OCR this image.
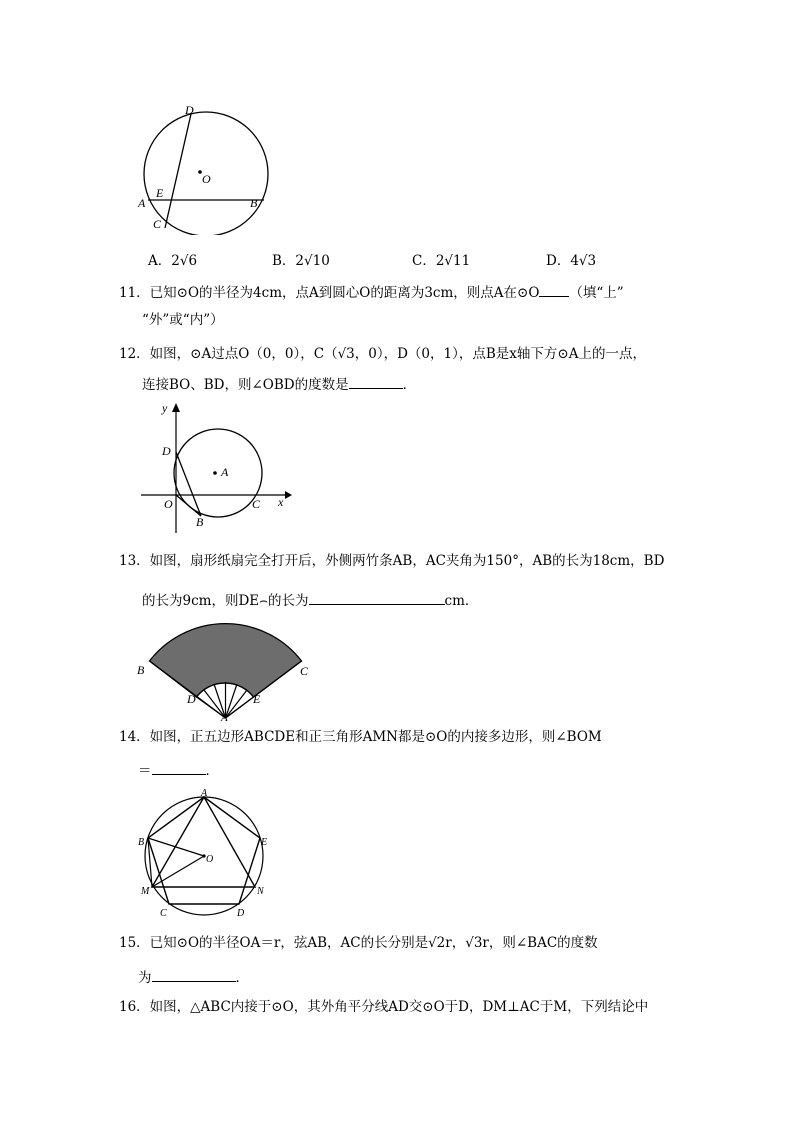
D
O
E
A	B
C
A．2√6	B．2√10	C．2√11	D．4√3
11．已知⊙O的半径为4cm，点A到圆心O的距离为3cm，则点A在⊙O （填“上”
“外”或“内”）
12．如图，⊙A过点O（0，0），C（√3，0），D（0，1），点B是x轴下方⊙A上的一点，
连接BO、BD，则∠OBD的度数是	．
y
x
D
A
O	C
B
13．如图，扇形纸扇完全打开后，外侧两竹条AB，AC夹角为150°，AB的长为18cm，BD
的长为9cm，则DE⌢的长为	cm．
B	C
D	E
A
14．如图，正五边形ABCDE和正三角形AMN都是⊙O的内接多边形，则∠BOM
＝	．
A
B	E
O
M	N
C	D
15．已知⊙O的半径OA＝r，弦AB，AC的长分别是√2r，√3r，则∠BAC的度数
为	．
16．如图，△ABC内接于⊙O，其外角平分线AD交⊙O于D，DM⊥AC于M，下列结论中
